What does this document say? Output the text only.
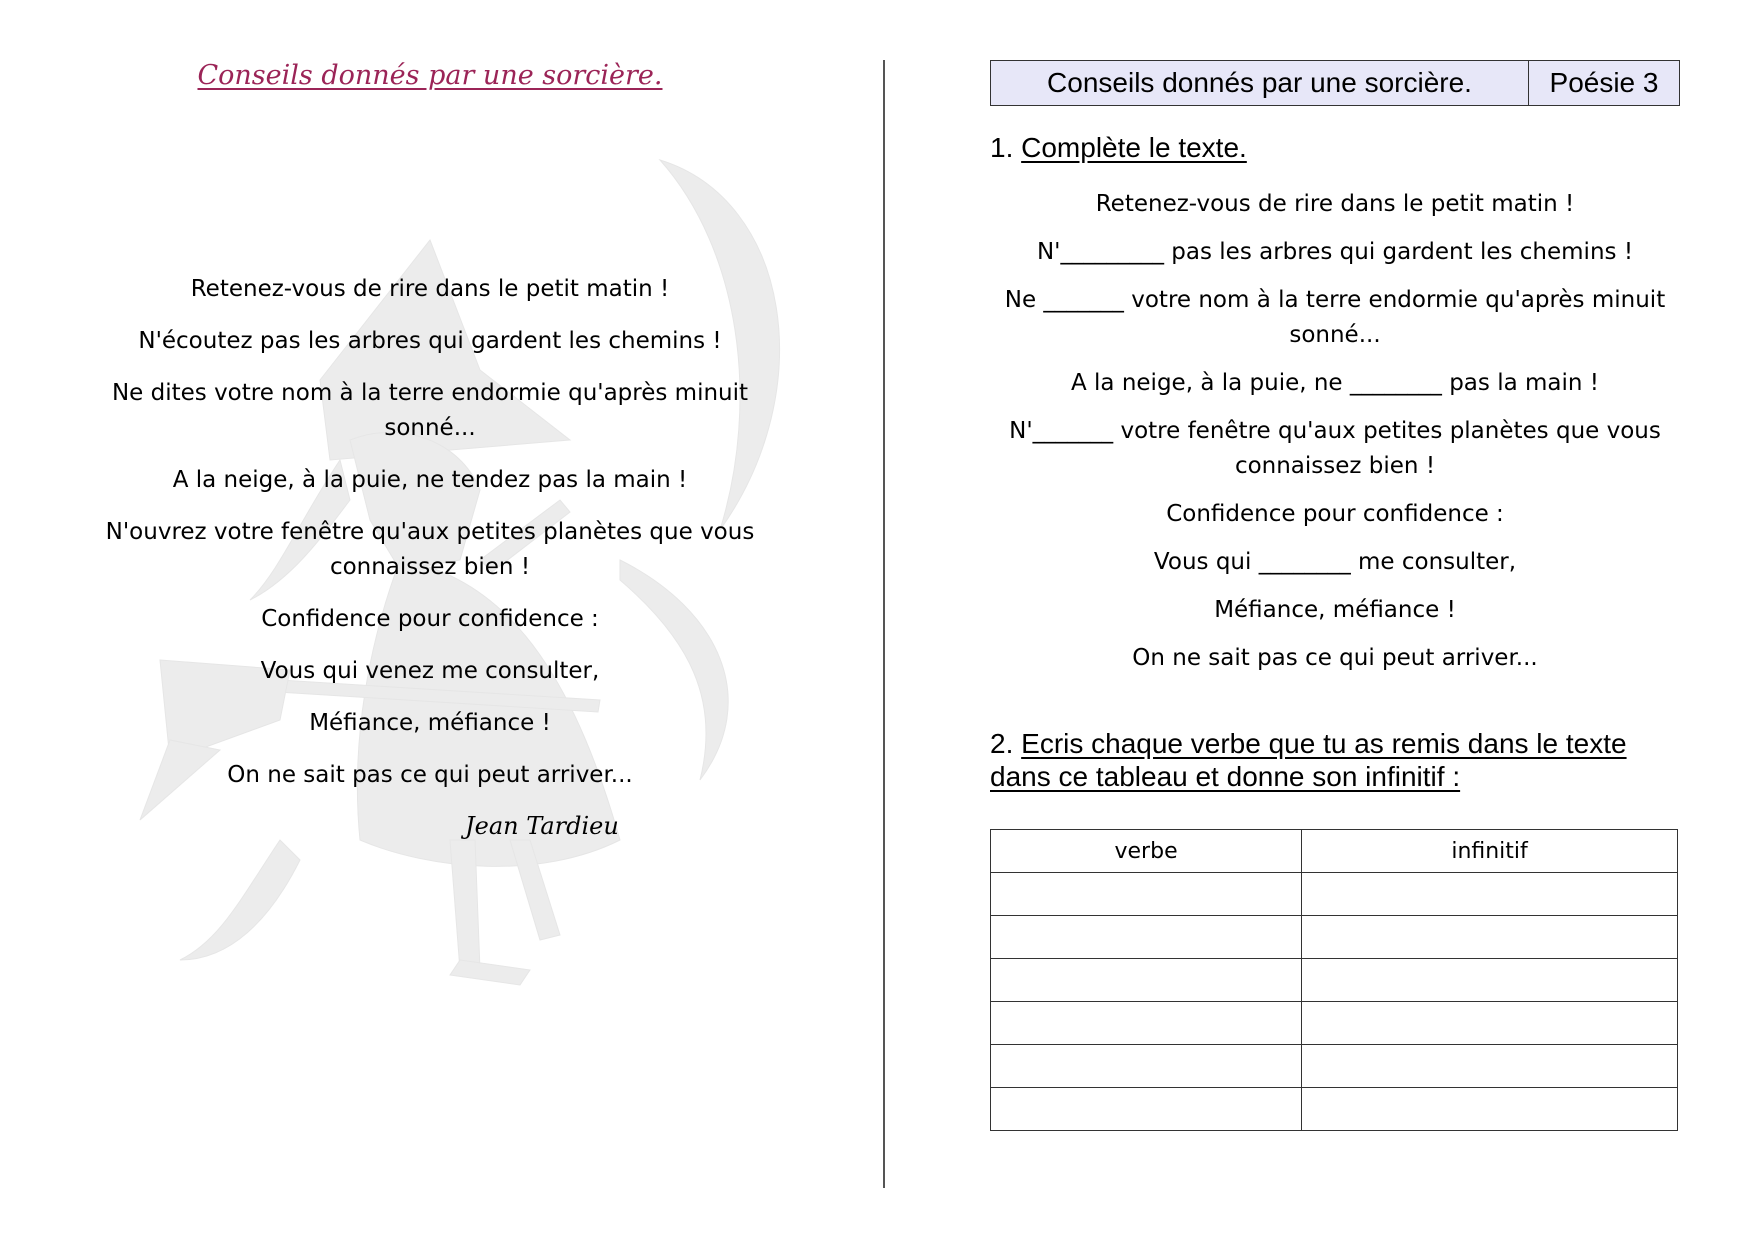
Conseils donnés par une sorcière.

Retenez-vous de rire dans le petit matin !

N'écoutez pas les arbres qui gardent les chemins !

Ne dites votre nom à la terre endormie qu'après minuit sonné...

A la neige, à la puie, ne tendez pas la main !

N'ouvrez votre fenêtre qu'aux petites planètes que vous connaissez bien !

Confidence pour confidence :

Vous qui venez me consulter,

Méfiance, méfiance !

On ne sait pas ce qui peut arriver...

Jean Tardieu
Conseils donnés par une sorcière.	Poésie 3
1. Complète le texte.

Retenez-vous de rire dans le petit matin !

N'_________ pas les arbres qui gardent les chemins !

Ne _______ votre nom à la terre endormie qu'après minuit sonné...

A la neige, à la puie, ne ________ pas la main !

N'_______ votre fenêtre qu'aux petites planètes que vous connaissez bien !

Confidence pour confidence :

Vous qui ________ me consulter,

Méfiance, méfiance !

On ne sait pas ce qui peut arriver...

2. Ecris chaque verbe que tu as remis dans le texte dans ce tableau et donne son infinitif :
verbe	infinitif
